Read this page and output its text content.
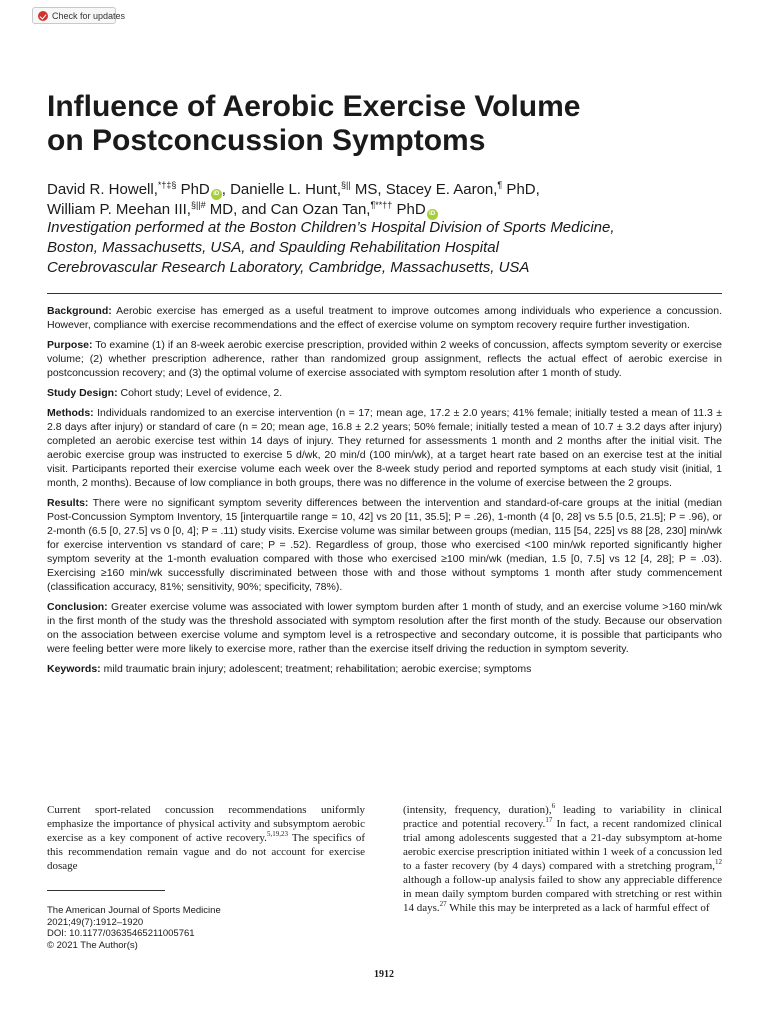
Check for updates
Influence of Aerobic Exercise Volume
on Postconcussion Symptoms
David R. Howell,*†‡§ PhD iD , Danielle L. Hunt,§|| MS, Stacey E. Aaron,¶ PhD,
William P. Meehan III,§||# MD, and Can Ozan Tan,¶**†† PhD iD
Investigation performed at the Boston Children’s Hospital Division of Sports Medicine,
Boston, Massachusetts, USA, and Spaulding Rehabilitation Hospital
Cerebrovascular Research Laboratory, Cambridge, Massachusetts, USA

Background: Aerobic exercise has emerged as a useful treatment to improve outcomes among individuals who experience a concussion. However, compliance with exercise recommendations and the effect of exercise volume on symptom recovery require further investigation.

Purpose: To examine (1) if an 8-week aerobic exercise prescription, provided within 2 weeks of concussion, affects symptom severity or exercise volume; (2) whether prescription adherence, rather than randomized group assignment, reflects the actual effect of aerobic exercise in postconcussion recovery; and (3) the optimal volume of exercise associated with symptom resolution after 1 month of study.

Study Design: Cohort study; Level of evidence, 2.

Methods: Individuals randomized to an exercise intervention (n = 17; mean age, 17.2 ± 2.0 years; 41% female; initially tested a mean of 11.3 ± 2.8 days after injury) or standard of care (n = 20; mean age, 16.8 ± 2.2 years; 50% female; initially tested a mean of 10.7 ± 3.2 days after injury) completed an aerobic exercise test within 14 days of injury. They returned for assessments 1 month and 2 months after the initial visit. The aerobic exercise group was instructed to exercise 5 d/wk, 20 min/d (100 min/wk), at a target heart rate based on an exercise test at the initial visit. Participants reported their exercise volume each week over the 8-week study period and reported symptoms at each study visit (initial, 1 month, 2 months). Because of low compliance in both groups, there was no difference in the volume of exercise between the 2 groups.

Results: There were no significant symptom severity differences between the intervention and standard-of-care groups at the initial (median Post-Concussion Symptom Inventory, 15 [interquartile range = 10, 42] vs 20 [11, 35.5]; P = .26), 1-month (4 [0, 28] vs 5.5 [0.5, 21.5]; P = .96), or 2-month (6.5 [0, 27.5] vs 0 [0, 4]; P = .11) study visits. Exercise volume was similar between groups (median, 115 [54, 225] vs 88 [28, 230] min/wk for exercise intervention vs standard of care; P = .52). Regardless of group, those who exercised <100 min/wk reported significantly higher symptom severity at the 1-month evaluation compared with those who exercised ≥100 min/wk (median, 1.5 [0, 7.5] vs 12 [4, 28]; P = .03). Exercising ≥160 min/wk successfully discriminated between those with and those without symptoms 1 month after study commencement (classification accuracy, 81%; sensitivity, 90%; specificity, 78%).

Conclusion: Greater exercise volume was associated with lower symptom burden after 1 month of study, and an exercise volume >160 min/wk in the first month of the study was the threshold associated with symptom resolution after the first month of the study. Because our observation on the association between exercise volume and symptom level is a retrospective and secondary outcome, it is possible that participants who were feeling better were more likely to exercise more, rather than the exercise itself driving the reduction in symptom severity.

Keywords: mild traumatic brain injury; adolescent; treatment; rehabilitation; aerobic exercise; symptoms

Current sport-related concussion recommendations uniformly emphasize the importance of physical activity and subsymptom aerobic exercise as a key component of active recovery.$^{5,19,23}$ The specifics of this recommendation remain vague and do not account for exercise dosage
The American Journal of Sports Medicine
2021;49(7):1912–1920
DOI: 10.1177/03635465211005761
© 2021 The Author(s)
(intensity, frequency, duration),$^6$ leading to variability in clinical practice and potential recovery.$^{17}$ In fact, a recent randomized clinical trial among adolescents suggested that a 21-day subsymptom at-home aerobic exercise prescription initiated within 1 week of a concussion led to a faster recovery (by 4 days) compared with a stretching program,$^{12}$ although a follow-up analysis failed to show any appreciable difference in mean daily symptom burden compared with stretching or rest within 14 days.$^{27}$ While this may be interpreted as a lack of harmful effect of
1912
